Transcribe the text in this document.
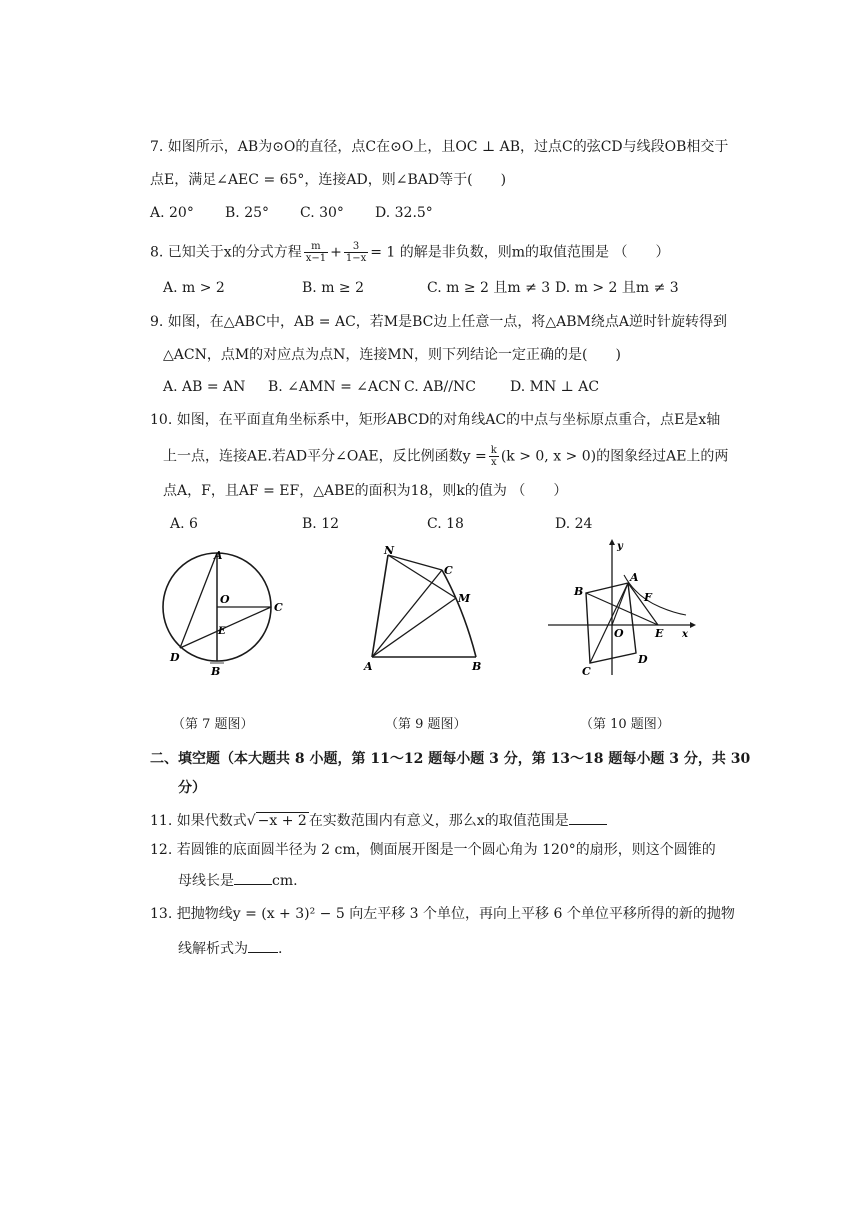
7. 如图所示，AB为⊙O的直径，点C在⊙O上，且OC ⊥ AB，过点C的弦CD与线段OB相交于
点E，满足∠AEC = 65°，连接AD，则∠BAD等于(　　)
A. 20° B. 25° C. 30° D. 32.5°
8. 已知关于x的分式方程 $\frac{m}{x-1} + \frac{3}{1-x} = 1$ 的解是非负数，则m的取值范围是 （　　）
A. m > 2	B. m ≥ 2	C. m ≥ 2 且m ≠ 3 D. m > 2 且m ≠ 3
9. 如图，在△ABC中，AB = AC，若M是BC边上任意一点，将△ABM绕点A逆时针旋转得到
△ACN，点M的对应点为点N，连接MN，则下列结论一定正确的是(　　)
A. AB = AN B. ∠AMN = ∠ACN C. AB//NC D. MN ⊥ AC
10. 如图，在平面直角坐标系中，矩形ABCD的对角线AC的中点与坐标原点重合，点E是x轴
上一点，连接AE.若AD平分∠OAE，反比例函数$y = \frac{k}{x} (k > 0$, x > 0)的图象经过AE上的两
点A，F，且AF = EF，△ABE的面积为18，则k的值为 （　　）
A. 6	B. 12	C. 18	D. 24
A
O
C
E
D
B
N
C
M
A	B
y
A
B	F
O	E x
C
D
（第 7 题图）	（第 9 题图）	（第 10 题图）
二、填空题（本大题共 8 小题，第 11～12 题每小题 3 分，第 13～18 题每小题 3 分，共 30
分）
11. 如果代数式√ −x + 2 在实数范围内有意义，那么x的取值范围是
12. 若圆锥的底面圆半径为 2 cm，侧面展开图是一个圆心角为 120°的扇形，则这个圆锥的
母线长是	cm.
13. 把抛物线y = (x + 3)² − 5 向左平移 3 个单位，再向上平移 6 个单位平移所得的新的抛物
线解析式为 .
